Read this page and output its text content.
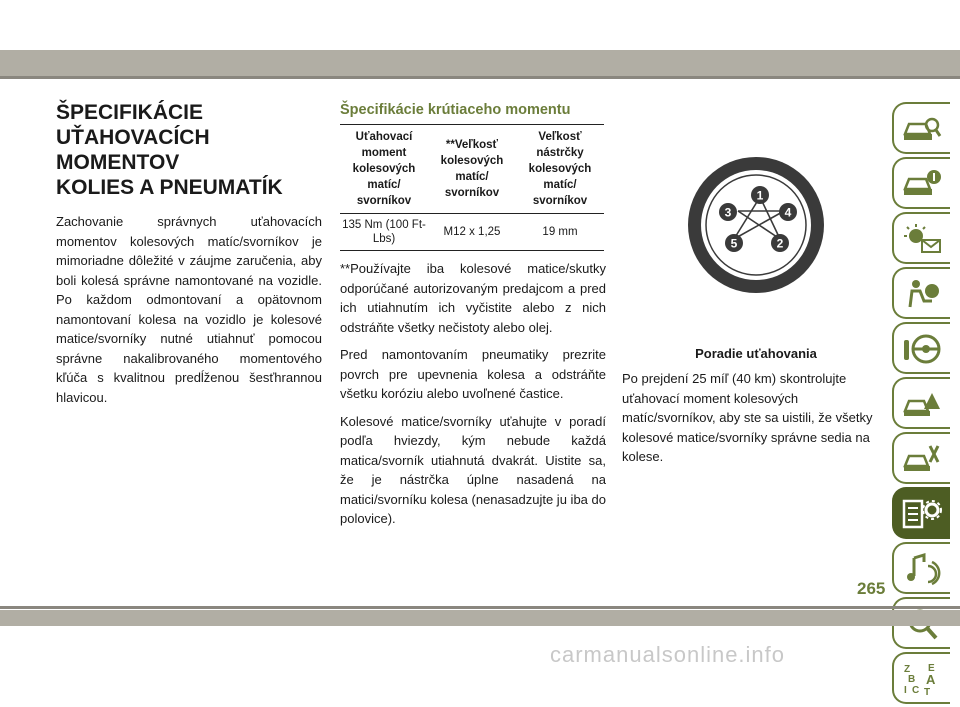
ŠPECIFIKÁCIE
UŤAHOVACÍCH MOMENTOV
KOLIES A PNEUMATÍK

Zachovanie správnych uťahovacích momentov kolesových matíc/svorníkov je mimoriadne dôležité v záujme zaručenia, aby boli kolesá správne namontované na vozidle. Po každom odmontovaní a opätovnom namontovaní kolesa na vozidlo je kolesové matice/svorníky nutné utiahnuť pomocou správne nakalibrovaného momentového kľúča s kvalitnou predĺženou šesťhrannou hlavicou.

Špecifikácie krútiaceho momentu
Uťahovací moment kolesových matíc/ svorníkov	**Veľkosť kolesových matíc/ svorníkov	Veľkosť nástrčky kolesových matíc/ svorníkov
135 Nm (100 Ft-Lbs)	M12 x 1,25	19 mm

**Používajte iba kolesové matice/skutky odporúčané autorizovaným predajcom a pred ich utiahnutím ich vyčistite alebo z nich odstráňte všetky nečistoty alebo olej.

Pred namontovaním pneumatiky prezrite povrch pre upevnenia kolesa a odstráňte všetku koróziu alebo uvoľnené častice.

Kolesové matice/svorníky uťahujte v poradí podľa hviezdy, kým nebude každá matica/svorník utiahnutá dvakrát. Uistite sa, že je nástrčka úplne nasadená na matici/svorníku kolesa (nenasadzujte ju iba do polovice).

1
2
3	4
5
Poradie uťahovania

Po prejdení 25 míľ (40 km) skontrolujte uťahovací moment kolesových matíc/svorníkov, aby ste sa uistili, že všetky kolesové matice/svorníky správne sedia na kolese.

Z E
B A
I C T
265
carmanualsonline.info
